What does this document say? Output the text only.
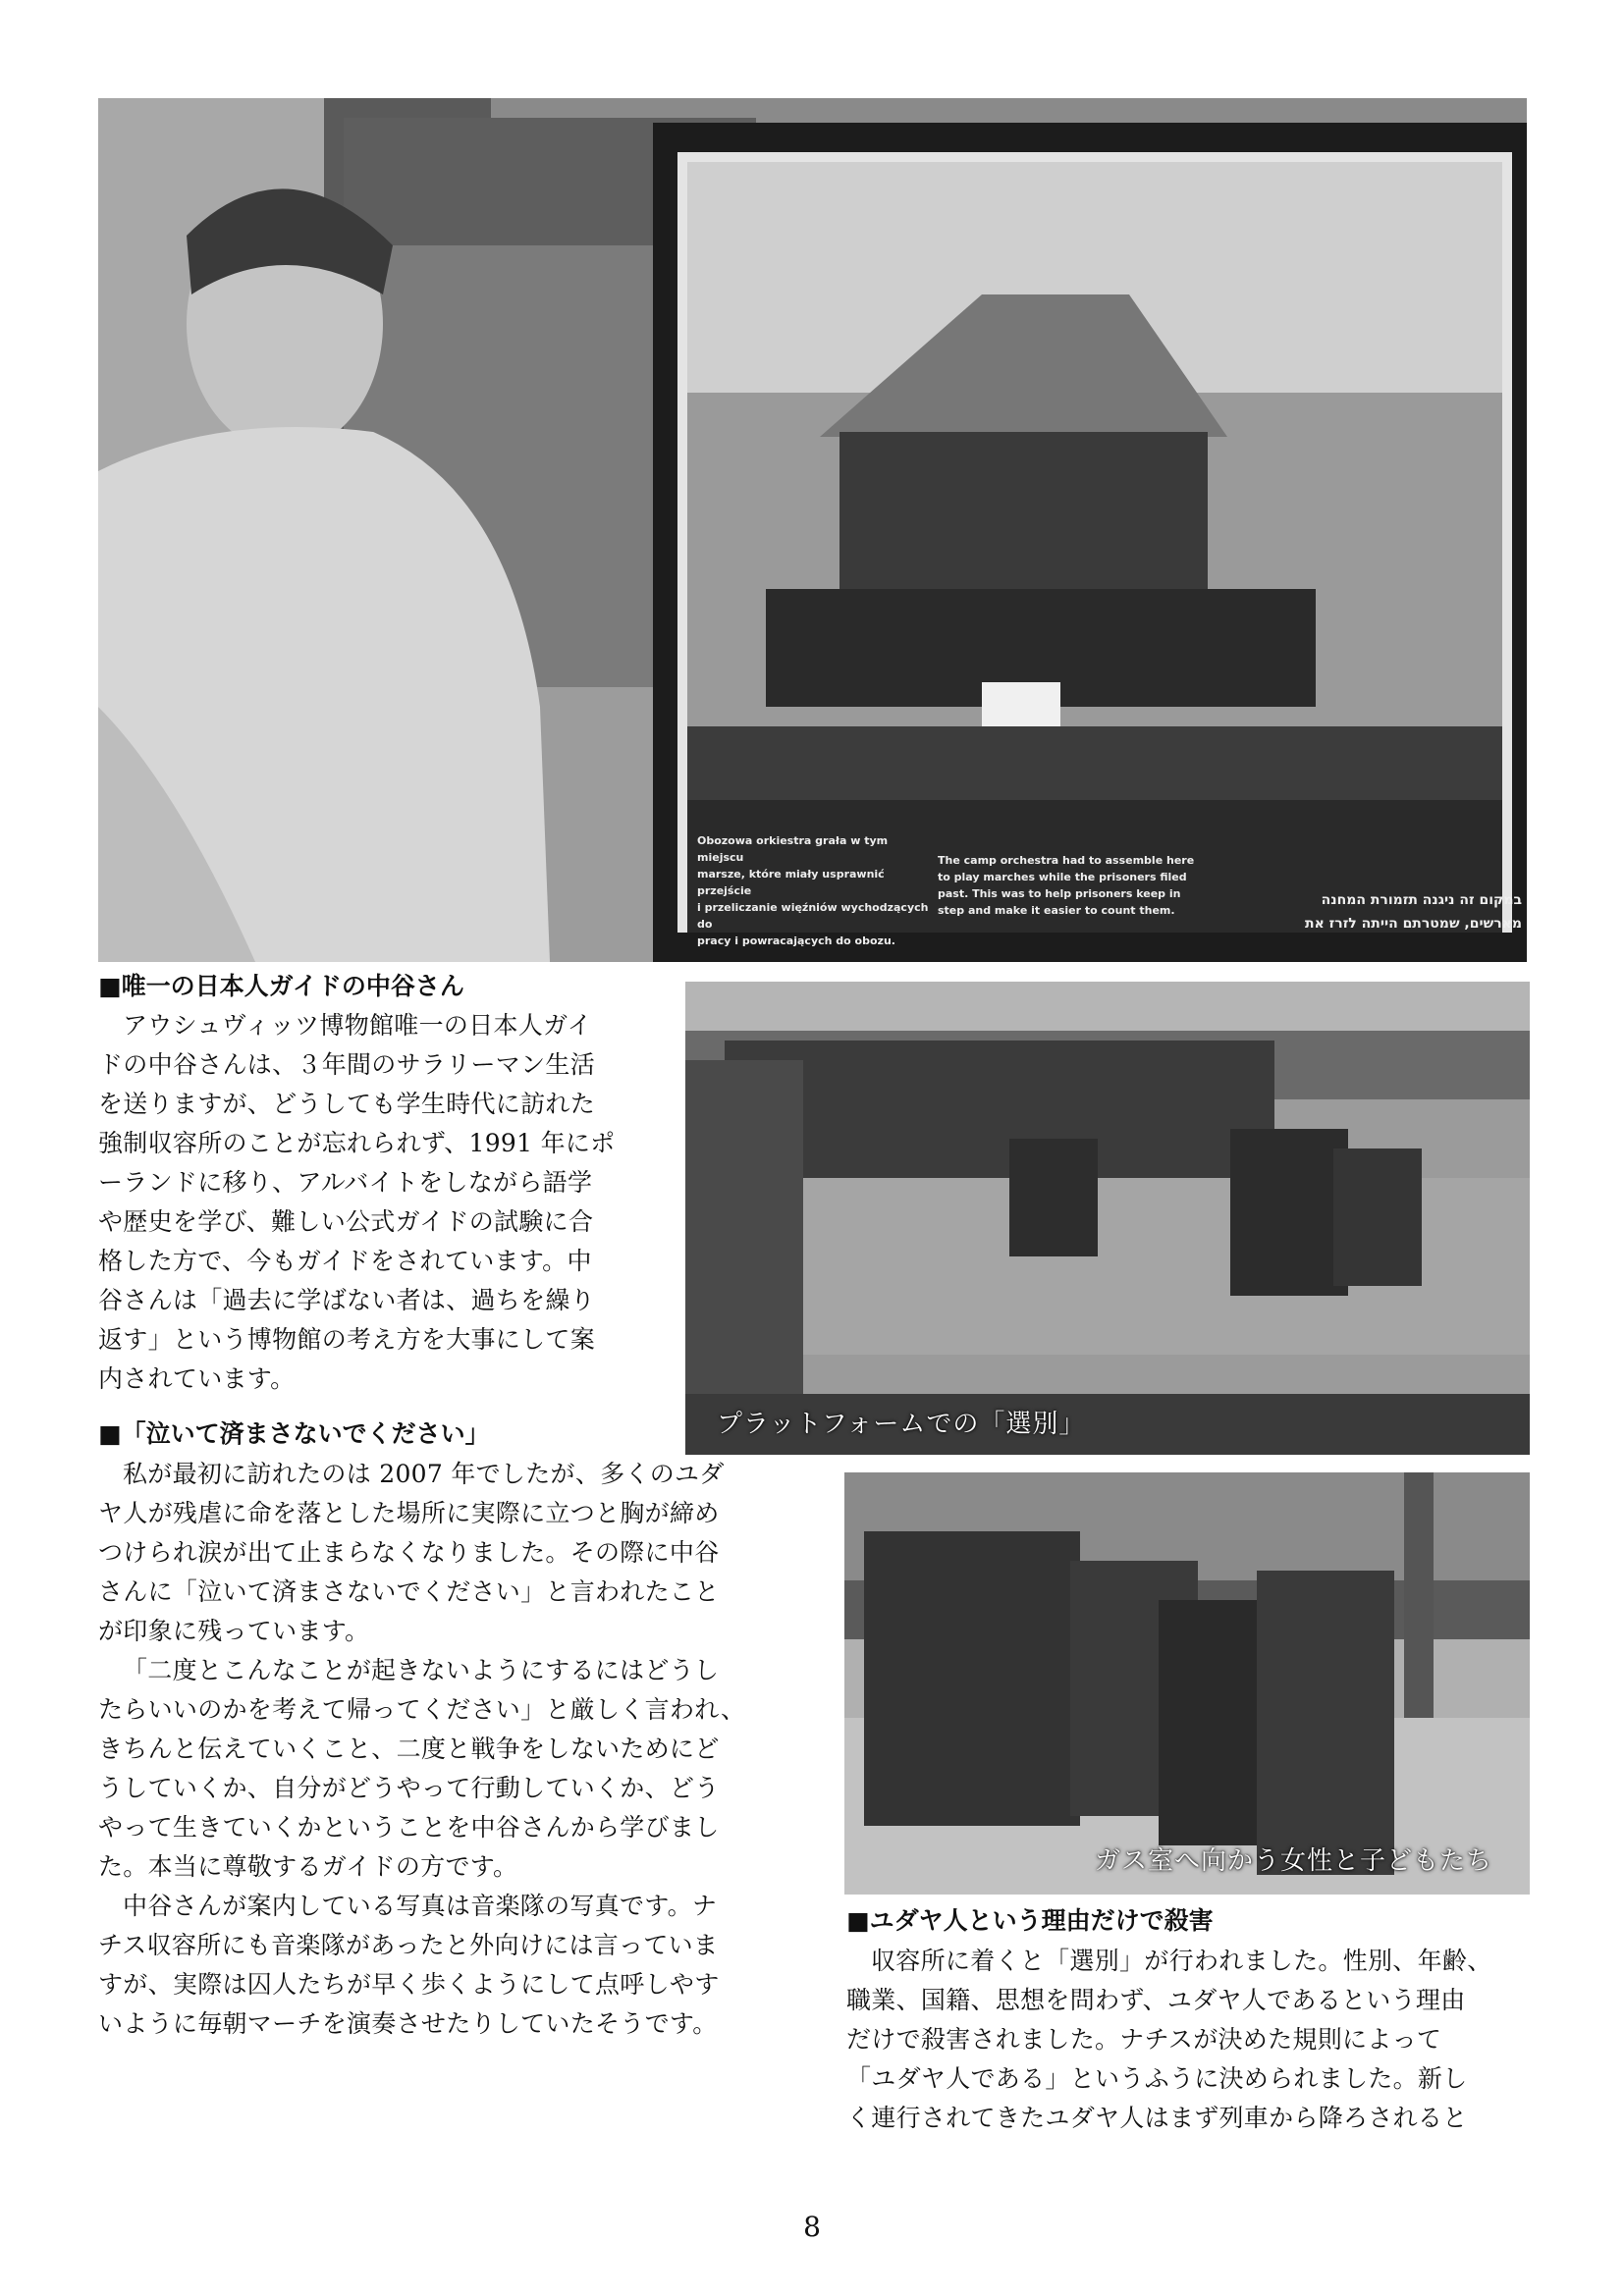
Obozowa orkiestra grała w tym miejscu
marsze, które miały usprawnić przejście
i przeliczanie więźniów wychodzących do
pracy i powracających do obozu.
The camp orchestra had to assemble here
to play marches while the prisoners filed
past. This was to help prisoners keep in
step and make it easier to count them.
במקום זה ניגנה תזמורת המחנה
מארשים, שמטרתם הייתה לזרז את
プラットフォームでの「選別」
ガス室へ向かう女性と子どもたち
■唯一の日本人ガイドの中谷さん
アウシュヴィッツ博物館唯一の日本人ガイ
ドの中谷さんは、３年間のサラリーマン生活
を送りますが、どうしても学生時代に訪れた
強制収容所のことが忘れられず、1991 年にポ
ーランドに移り、アルバイトをしながら語学
や歴史を学び、難しい公式ガイドの試験に合
格した方で、今もガイドをされています。中
谷さんは「過去に学ばない者は、過ちを繰り
返す」という博物館の考え方を大事にして案
内されています。
■「泣いて済まさないでください」
私が最初に訪れたのは 2007 年でしたが、多くのユダ
ヤ人が残虐に命を落とした場所に実際に立つと胸が締め
つけられ涙が出て止まらなくなりました。その際に中谷
さんに「泣いて済まさないでください」と言われたこと
が印象に残っています。
「二度とこんなことが起きないようにするにはどうし
たらいいのかを考えて帰ってください」と厳しく言われ、
きちんと伝えていくこと、二度と戦争をしないためにど
うしていくか、自分がどうやって行動していくか、どう
やって生きていくかということを中谷さんから学びまし
た。本当に尊敬するガイドの方です。
中谷さんが案内している写真は音楽隊の写真です。ナ
チス収容所にも音楽隊があったと外向けには言っていま
すが、実際は囚人たちが早く歩くようにして点呼しやす
いように毎朝マーチを演奏させたりしていたそうです。
■ユダヤ人という理由だけで殺害
収容所に着くと「選別」が行われました。性別、年齢、
職業、国籍、思想を問わず、ユダヤ人であるという理由
だけで殺害されました。ナチスが決めた規則によって
「ユダヤ人である」というふうに決められました。新し
く連行されてきたユダヤ人はまず列車から降ろされると
8
